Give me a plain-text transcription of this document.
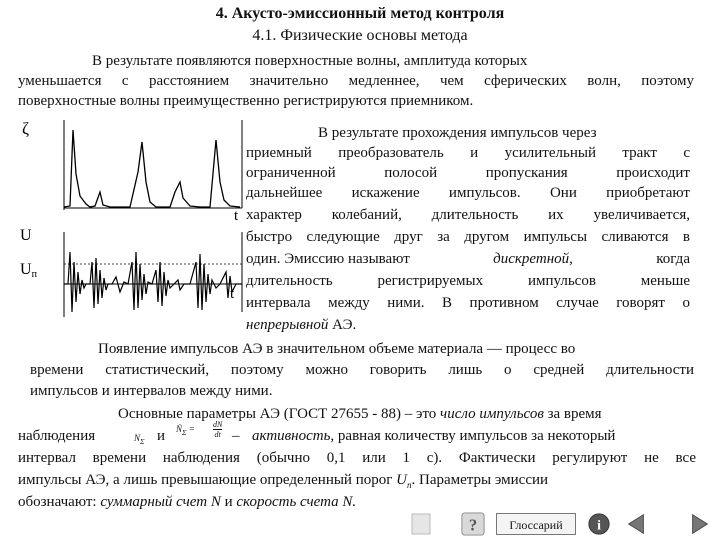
4. Акусто-эмиссионный метод контроля
4.1. Физические основы метода
В результате появляются поверхностные волны, амплитуда которых
уменьшается с расстоянием значительно медленнее, чем сферических волн, поэтому
поверхностные волны преимущественно регистрируются приемником.
ζ
t
U
Uп
t
В результате прохождения импульсов через
приемный преобразователь и усилительный тракт с
ограниченной полосой пропускания происходит
дальнейшее искажение импульсов. Они приобретают
характер колебаний, длительность их увеличивается,
быстро следующие друг за другом импульсы сливаются в
один. Эмиссию называют	дискретной,	когда
длительность регистрируемых импульсов меньше
интервала между ними. В противном случае говорят о
непрерывной АЭ.
Появление импульсов АЭ в значительном объеме материала — процесс во
времени статистический, поэтому можно говорить лишь о средней длительности
импульсов и интервалов между ними.
Основные параметры АЭ (ГОСТ 27655 - 88) – это число импульсов за время
наблюдения	$N_\Sigma$ и Ṅ$_\Sigma$ = dN
dt – активность, равная количеству импульсов за некоторый
интервал времени наблюдения (обычно 0,1 или 1 с). Фактически регулируют не все
импульсы АЭ, а лишь превышающие определенный порог $U_п$. Параметры эмиссии
обозначают: суммарный счет N и скорость счета N.
?	Глоссарий	i
